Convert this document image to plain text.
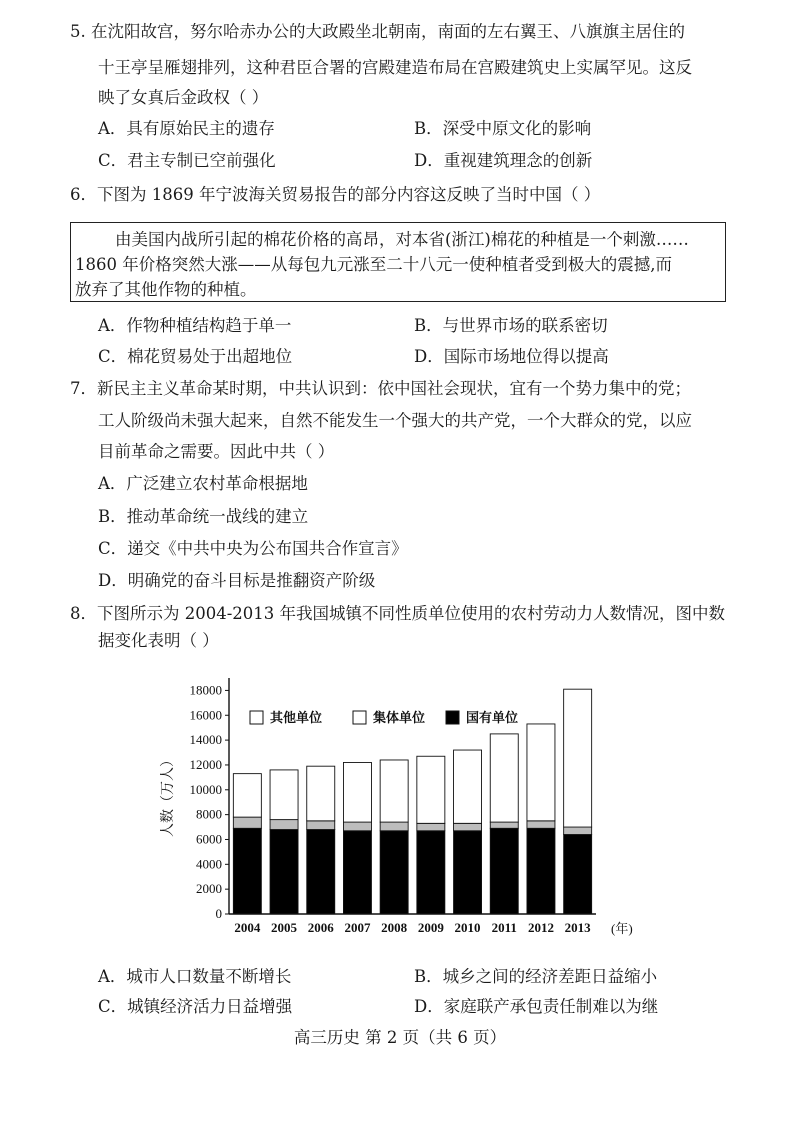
5. 在沈阳故宫，努尔哈赤办公的大政殿坐北朝南，南面的左右翼王、八旗旗主居住的
十王亭呈雁翅排列，这种君臣合署的宫殿建造布局在宫殿建筑史上实属罕见。这反
映了女真后金政权（ ）
A．具有原始民主的遗存	B．深受中原文化的影响
C．君主专制已空前强化	D．重视建筑理念的创新
6．下图为 1869 年宁波海关贸易报告的部分内容这反映了当时中国（ ）
由美国内战所引起的棉花价格的高昂，对本省(浙江)棉花的种植是一个刺激……
1860 年价格突然大涨——从每包九元涨至二十八元一使种植者受到极大的震撼,而
放弃了其他作物的种植。
A．作物种植结构趋于单一	B．与世界市场的联系密切
C．棉花贸易处于出超地位	D．国际市场地位得以提高
7．新民主主义革命某时期，中共认识到：依中国社会现状，宜有一个势力集中的党；
工人阶级尚未强大起来，自然不能发生一个强大的共产党，一个大群众的党，以应
目前革命之需要。因此中共（ ）
A．广泛建立农村革命根据地
B．推动革命统一战线的建立
C．递交《中共中央为公布国共合作宣言》
D．明确党的奋斗目标是推翻资产阶级
8．下图所示为 2004-2013 年我国城镇不同性质单位使用的农村劳动力人数情况，图中数
据变化表明（ ）
0
2000
4000
6000
8000
10000
12000
14000
16000
18000
2004 2005 2006 2007 2008 2009 2010 2011 2012 2013
其他单位	集体单位	国有单位
人数（万人）
(年)
A．城市人口数量不断增长	B．城乡之间的经济差距日益缩小
C．城镇经济活力日益增强	D．家庭联产承包责任制难以为继
高三历史 第 2 页（共 6 页）
